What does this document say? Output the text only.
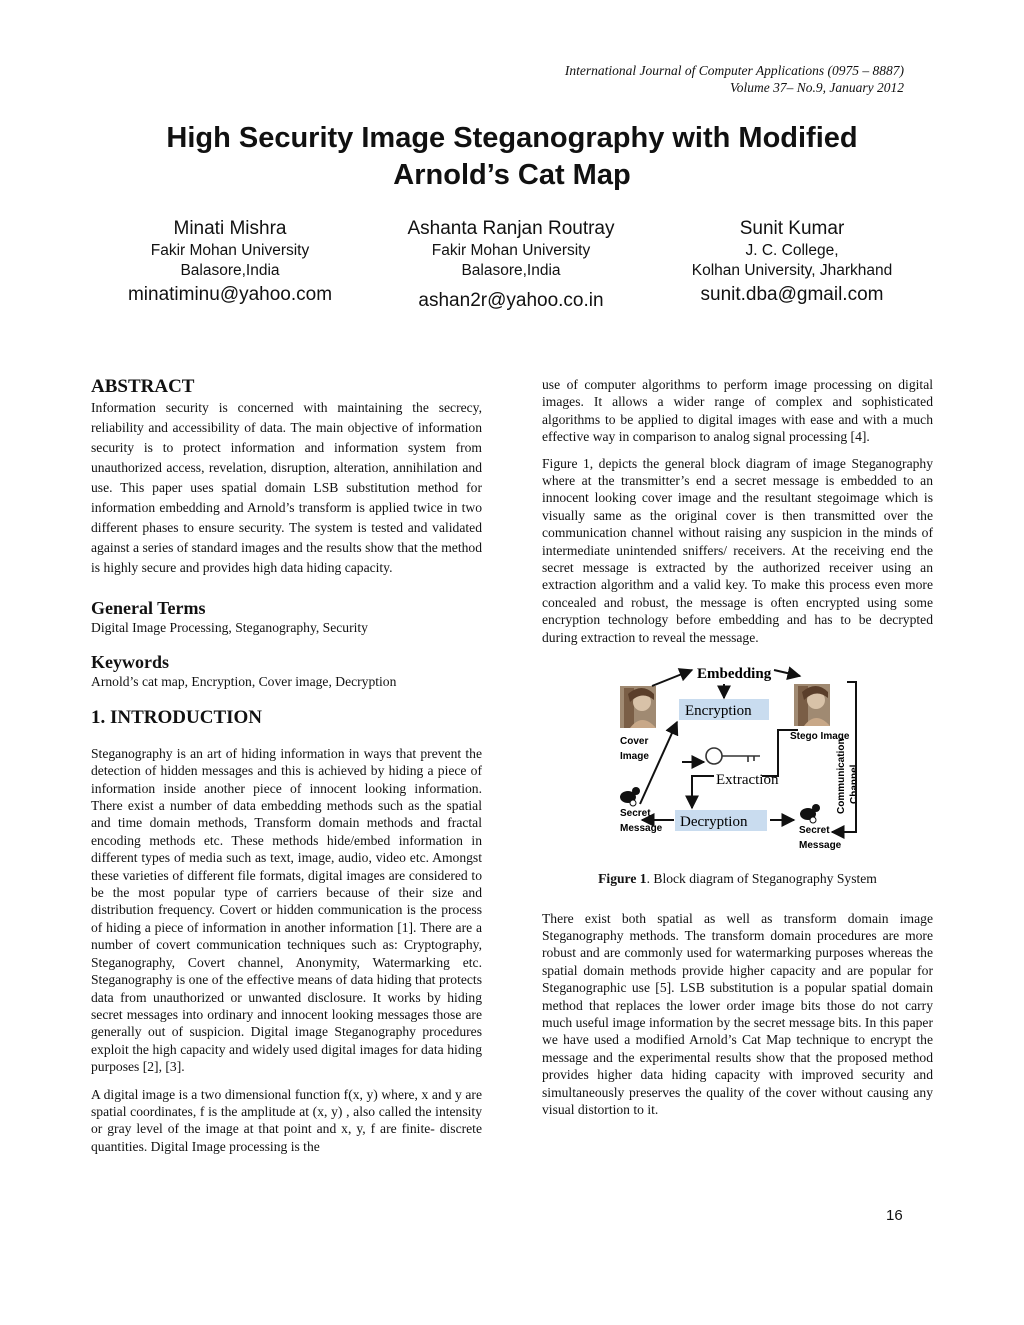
International Journal of Computer Applications (0975 – 8887)
Volume 37– No.9, January 2012
High Security Image Steganography with Modified
Arnold’s Cat Map
Minati Mishra
Fakir Mohan University
Balasore,India
minatiminu@yahoo.com
Ashanta Ranjan Routray
Fakir Mohan University
Balasore,India
ashan2r@yahoo.co.in
Sunit Kumar
J. C. College,
Kolhan University, Jharkhand
sunit.dba@gmail.com
ABSTRACT

Information security is concerned with maintaining the secrecy, reliability and accessibility of data. The main objective of information security is to protect information and information system from unauthorized access, revelation, disruption, alteration, annihilation and use. This paper uses spatial domain LSB substitution method for information embedding and Arnold’s transform is applied twice in two different phases to ensure security. The system is tested and validated against a series of standard images and the results show that the method is highly secure and provides high data hiding capacity.

General Terms

Digital Image Processing, Steganography, Security

Keywords

Arnold’s cat map, Encryption, Cover image, Decryption

1. INTRODUCTION

Steganography is an art of hiding information in ways that prevent the detection of hidden messages and this is achieved by hiding a piece of information inside another piece of innocent looking information. There exist a number of data embedding methods such as the spatial and time domain methods, Transform domain methods and fractal encoding methods etc. These methods hide/embed information in different types of media such as text, image, audio, video etc. Amongst these varieties of different file formats, digital images are considered to be the most popular type of carriers because of their size and distribution frequency. Covert or hidden communication is the process of hiding a piece of information in another information [1]. There are a number of covert communication techniques such as: Cryptography, Steganography, Covert channel, Anonymity, Watermarking etc. Steganography is one of the effective means of data hiding that protects data from unauthorized or unwanted disclosure. It works by hiding secret messages into ordinary and innocent looking messages those are generally out of suspicion. Digital image Steganography procedures exploit the high capacity and widely used digital images for data hiding purposes [2], [3].

A digital image is a two dimensional function f(x, y) where, x and y are spatial coordinates, f is the amplitude at (x, y) , also called the intensity or gray level of the image at that point and x, y, f are finite- discrete quantities. Digital Image processing is the

use of computer algorithms to perform image processing on digital images. It allows a wider range of complex and sophisticated algorithms to be applied to digital images with ease and with a much effective way in comparison to analog signal processing [4].

Figure 1, depicts the general block diagram of image Steganography where at the transmitter’s end a secret message is embedded to an innocent looking cover image and the resultant stegoimage which is visually same as the original cover is then transmitted over the communication channel without raising any suspicion in the minds of intermediate unintended sniffers/ receivers. At the receiving end the secret message is extracted by the authorized receiver using an extraction algorithm and a valid key. To make this process even more concealed and robust, the message is often encrypted using some encryption technology before embedding and has to be decrypted during extraction to reveal the message.

Embedding
Encryption
Extraction
Decryption
Cover
Image
Stego Image
Secret
Message	Secret
Message
Communication Channel

Figure 1. Block diagram of Steganography System

There exist both spatial as well as transform domain image Steganography methods. The transform domain procedures are more robust and are commonly used for watermarking purposes whereas the spatial domain methods provide higher capacity and are popular for Steganographic use [5]. LSB substitution is a popular spatial domain method that replaces the lower order image bits those do not carry much useful image information by the secret message bits. In this paper we have used a modified Arnold’s Cat Map technique to encrypt the message and the experimental results show that the proposed method provides higher data hiding capacity with improved security and simultaneously preserves the quality of the cover without causing any visual distortion to it.

16
